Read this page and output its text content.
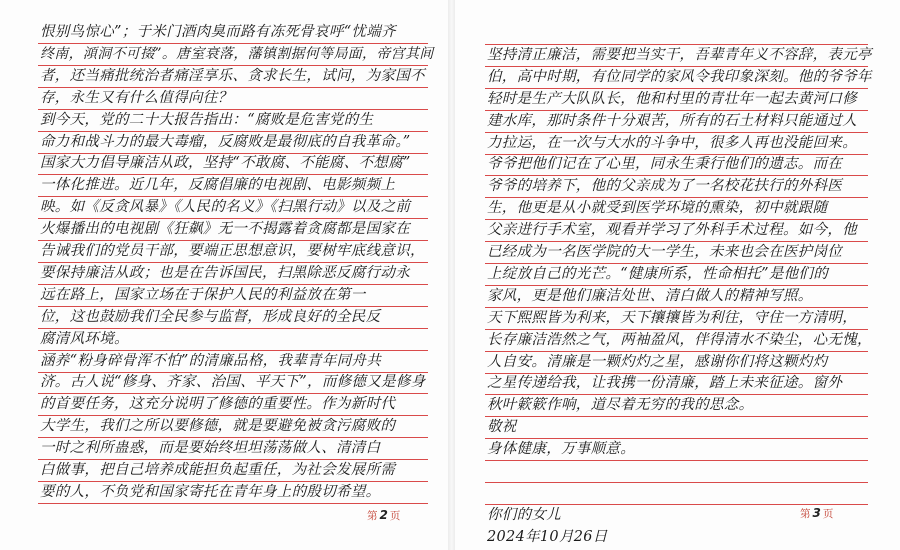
恨别鸟惊心”；于米门酒肉臭而路有冻死骨哀呼“忧端齐
终南，澒洞不可掇”。唐室衰落，藩镇割据何等局面，帝宫其间
者，还当痛批统治者痛淫享乐、贪求长生，试问，为家国不
存，永生又有什么值得向往？
到今天，党的二十大报告指出：“腐败是危害党的生
命力和战斗力的最大毒瘤，反腐败是最彻底的自我革命。”
国家大力倡导廉洁从政，坚持“不敢腐、不能腐、不想腐”
一体化推进。近几年，反腐倡廉的电视剧、电影频频上
映。如《反贪风暴》《人民的名义》《扫黑行动》以及之前
火爆播出的电视剧《狂飙》无一不揭露着贪腐都是国家在
告诫我们的党员干部，要端正思想意识，要树牢底线意识，
要保持廉洁从政；也是在告诉国民，扫黑除恶反腐行动永
远在路上，国家立场在于保护人民的利益放在第一
位，这也鼓励我们全民参与监督，形成良好的全民反
腐清风环境。
涵养“粉身碎骨浑不怕”的清廉品格，我辈青年同舟共
济。古人说“修身、齐家、治国、平天下”，而修德又是修身
的首要任务，这充分说明了修德的重要性。作为新时代
大学生，我们之所以要修德，就是要避免被贪污腐败的
一时之利所蛊惑，而是要始终坦坦荡荡做人、清清白
白做事，把自己培养成能担负起重任，为社会发展所需
要的人，不负党和国家寄托在青年身上的殷切希望。
第 2 页
坚持清正廉洁，需要把当实干，吾辈青年义不容辞，表元亭
伯，高中时期，有位同学的家风令我印象深刻。他的爷爷年
轻时是生产大队队长，他和村里的青壮年一起去黄河口修
建水库，那时条件十分艰苦，所有的石土材料只能通过人
力拉运，在一次与大水的斗争中，很多人再也没能回来。
爷爷把他们记在了心里，同永生秉行他们的遗志。而在
爷爷的培养下，他的父亲成为了一名校花扶行的外科医
生，他更是从小就受到医学环境的熏染，初中就跟随
父亲进行手术室，观看并学习了外科手术过程。如今，他
已经成为一名医学院的大一学生，未来也会在医护岗位
上绽放自己的光芒。“健康所系，性命相托”是他们的
家风，更是他们廉洁处世、清白做人的精神写照。
天下熙熙皆为利来，天下攘攘皆为利往，守住一方清明，
长存廉洁浩然之气，两袖盈风，伴得清水不染尘，心无愧，
人自安。清廉是一颗灼灼之星，感谢你们将这颗灼灼
之星传递给我，让我携一份清廉，踏上未来征途。窗外
秋叶簌簌作响，道尽着无穷的我的思念。
敬祝
身体健康，万事顺意。
你们的女儿
2024年10月26日
第 3 页
